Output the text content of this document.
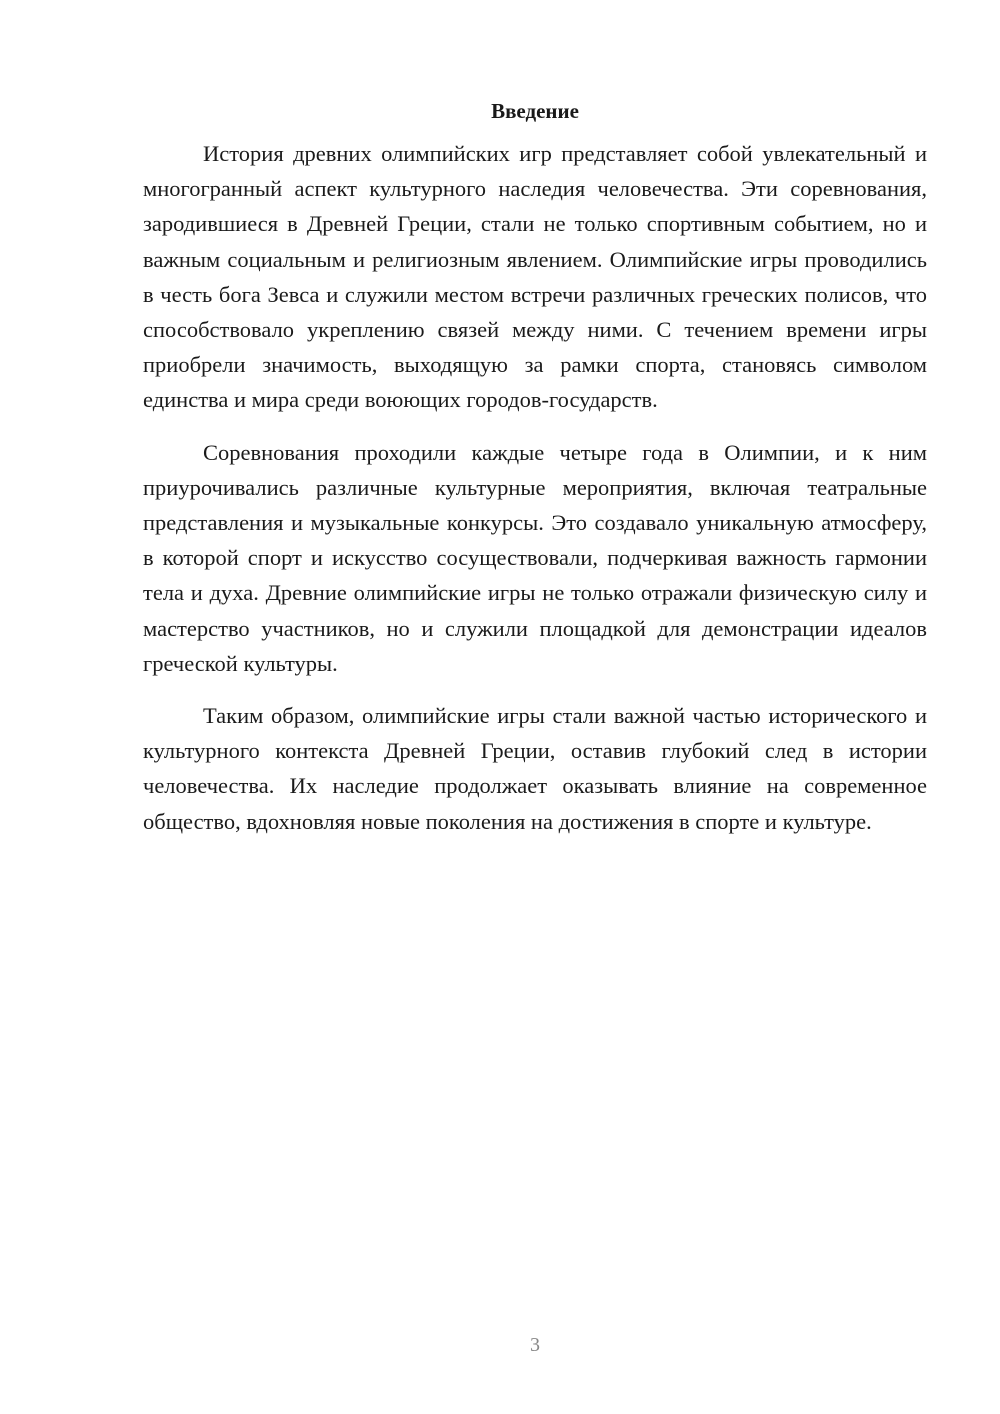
Введение

История древних олимпийских игр представляет собой увлекательный и многогранный аспект культурного наследия человечества. Эти соревнования, зародившиеся в Древней Греции, стали не только спортивным событием, но и важным социальным и религиозным явлением. Олимпийские игры проводились в честь бога Зевса и служили местом встречи различных греческих полисов, что способствовало укреплению связей между ними. С течением времени игры приобрели значимость, выходящую за рамки спорта, становясь символом единства и мира среди воюющих городов-государств.

Соревнования проходили каждые четыре года в Олимпии, и к ним приурочивались различные культурные мероприятия, включая театральные представления и музыкальные конкурсы. Это создавало уникальную атмосферу, в которой спорт и искусство сосуществовали, подчеркивая важность гармонии тела и духа. Древние олимпийские игры не только отражали физическую силу и мастерство участников, но и служили площадкой для демонстрации идеалов греческой культуры.

Таким образом, олимпийские игры стали важной частью исторического и культурного контекста Древней Греции, оставив глубокий след в истории человечества. Их наследие продолжает оказывать влияние на современное общество, вдохновляя новые поколения на достижения в спорте и культуре.

3
